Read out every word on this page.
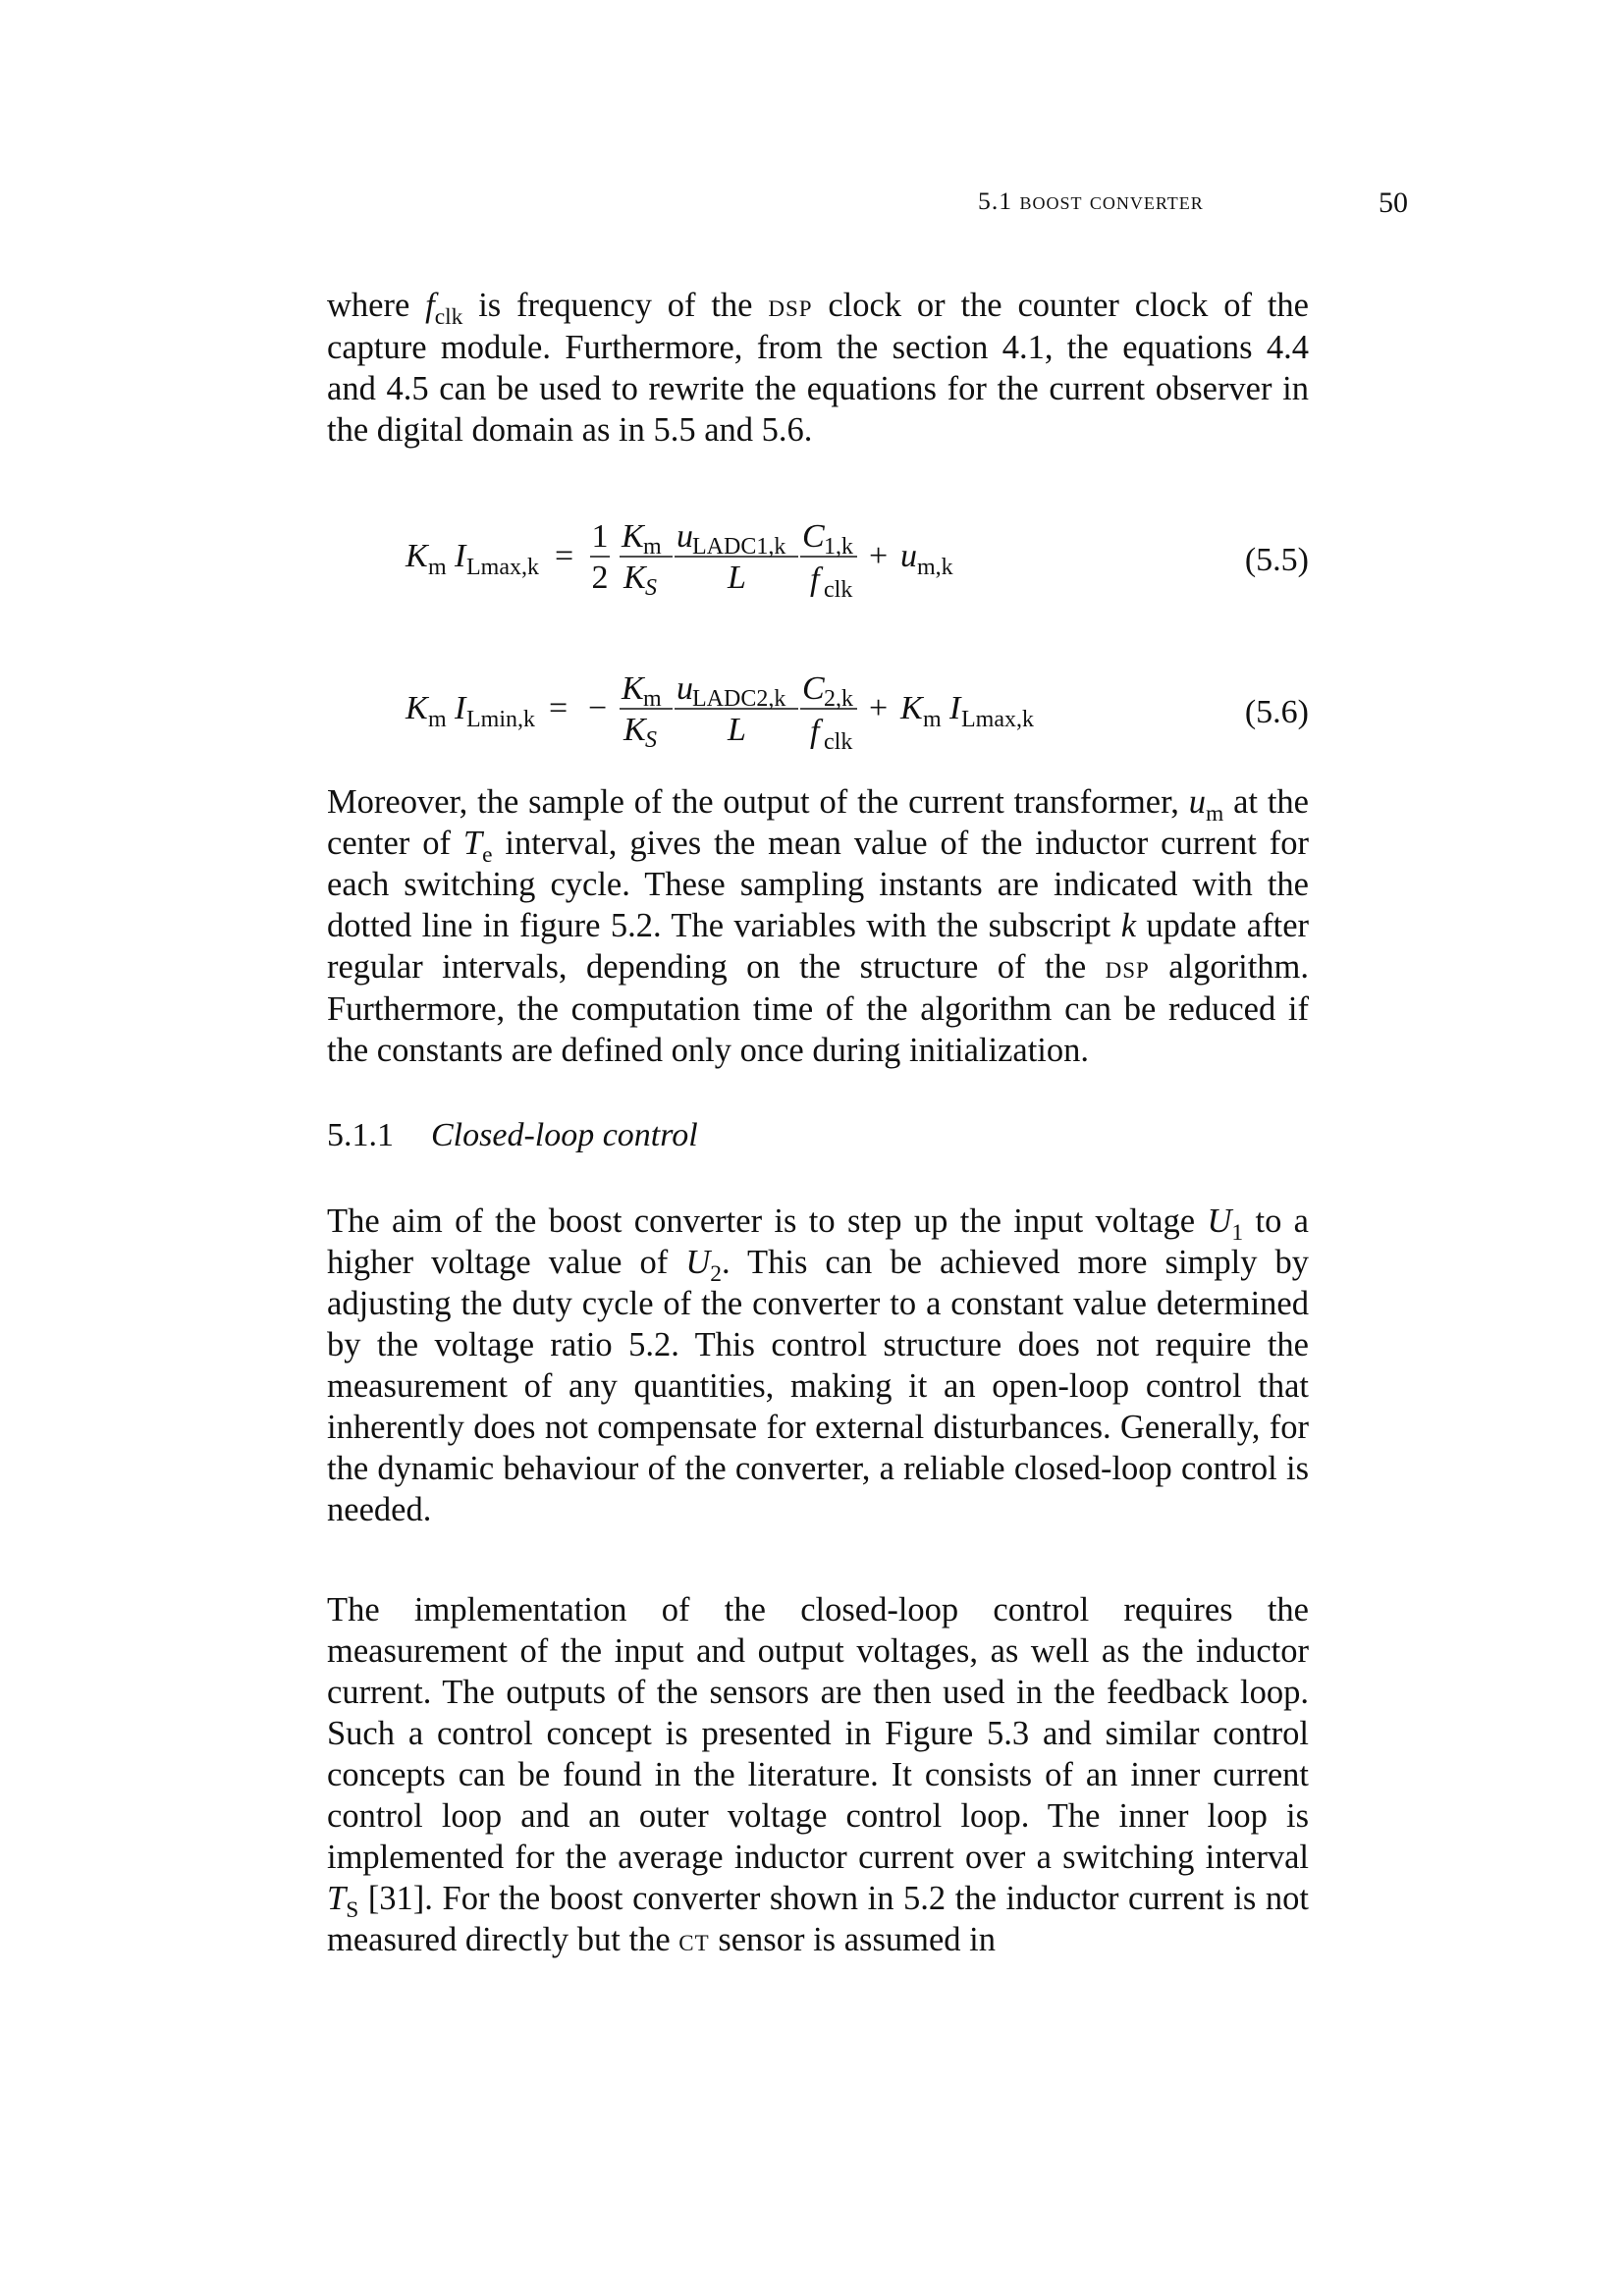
5.1 boost converter	50

where $f_{clk}$ is frequency of the dsp clock or the counter clock of the capture module. Furthermore, from the section 4.1, the equations 4.4 and 4.5 can be used to rewrite the equations for the current observer in the digital domain as in 5.5 and 5.6.

K m I Lmax,k =
1
2
K m
K S
u LADC1,k
L
C 1,k
f clk
+ u m,k	(5.5)
K m I Lmin,k = −
K m
K S
u LADC2,k
L
C 2,k
f clk
+ K m I Lmax,k	(5.6)

Moreover, the sample of the output of the current transformer, $u_m$ at the center of $T_e$ interval, gives the mean value of the inductor current for each switching cycle. These sampling instants are indicated with the dotted line in figure 5.2. The variables with the subscript k update after regular intervals, depending on the structure of the dsp algorithm. Furthermore, the computation time of the algorithm can be reduced if the constants are defined only once during initialization.

5.1.1 Closed-loop control

The aim of the boost converter is to step up the input voltage $U_1$ to a higher voltage value of $U_2$. This can be achieved more simply by adjusting the duty cycle of the converter to a constant value determined by the voltage ratio 5.2. This control structure does not require the measurement of any quantities, making it an open-loop control that inherently does not compensate for external disturbances. Generally, for the dynamic behaviour of the converter, a reliable closed-loop control is needed.

The implementation of the closed-loop control requires the measurement of the input and output voltages, as well as the inductor current. The outputs of the sensors are then used in the feedback loop. Such a control concept is presented in Figure 5.3 and similar control concepts can be found in the literature. It consists of an inner current control loop and an outer voltage control loop. The inner loop is implemented for the average inductor current over a switching interval $T_S$ [31]. For the boost converter shown in 5.2 the inductor current is not measured directly but the ct sensor is assumed in
